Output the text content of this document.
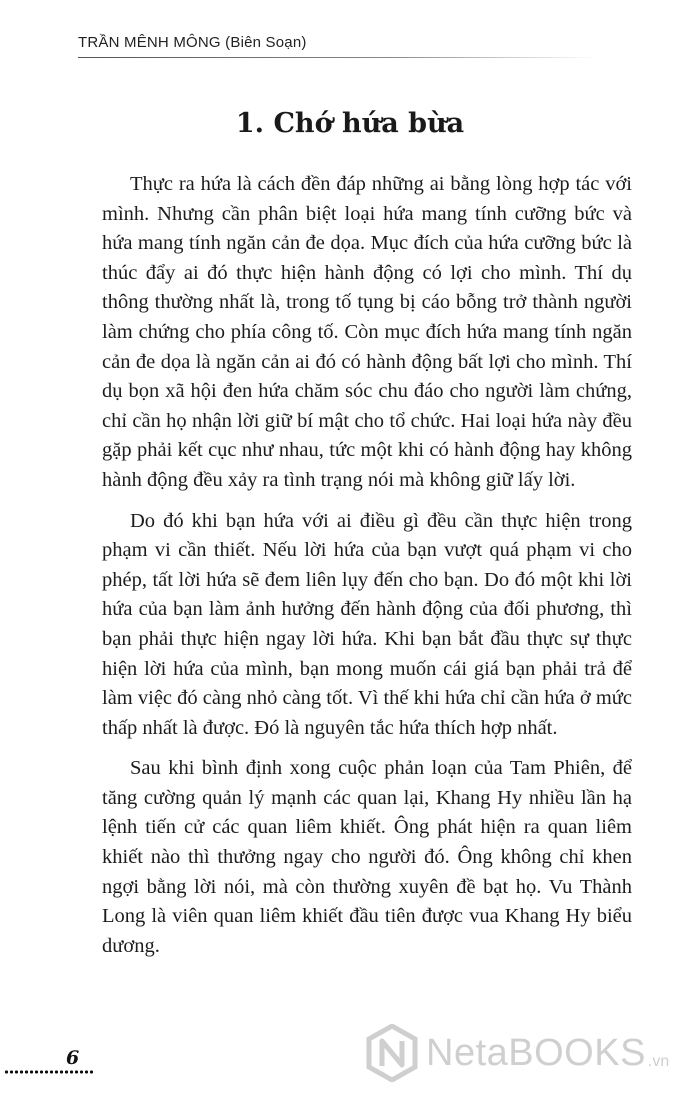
TRẦN MÊNH MÔNG (Biên Soạn)
1. Chớ hứa bừa

Thực ra hứa là cách đền đáp những ai bằng lòng hợp tác với mình. Nhưng cần phân biệt loại hứa mang tính cưỡng bức và hứa mang tính ngăn cản đe dọa. Mục đích của hứa cưỡng bức là thúc đẩy ai đó thực hiện hành động có lợi cho mình. Thí dụ thông thường nhất là, trong tố tụng bị cáo bỗng trở thành người làm chứng cho phía công tố. Còn mục đích hứa mang tính ngăn cản đe dọa là ngăn cản ai đó có hành động bất lợi cho mình. Thí dụ bọn xã hội đen hứa chăm sóc chu đáo cho người làm chứng, chỉ cần họ nhận lời giữ bí mật cho tổ chức. Hai loại hứa này đều gặp phải kết cục như nhau, tức một khi có hành động hay không hành động đều xảy ra tình trạng nói mà không giữ lấy lời.

Do đó khi bạn hứa với ai điều gì đều cần thực hiện trong phạm vi cần thiết. Nếu lời hứa của bạn vượt quá phạm vi cho phép, tất lời hứa sẽ đem liên lụy đến cho bạn. Do đó một khi lời hứa của bạn làm ảnh hưởng đến hành động của đối phương, thì bạn phải thực hiện ngay lời hứa. Khi bạn bắt đầu thực sự thực hiện lời hứa của mình, bạn mong muốn cái giá bạn phải trả để làm việc đó càng nhỏ càng tốt. Vì thế khi hứa chỉ cần hứa ở mức thấp nhất là được. Đó là nguyên tắc hứa thích hợp nhất.

Sau khi bình định xong cuộc phản loạn của Tam Phiên, để tăng cường quản lý mạnh các quan lại, Khang Hy nhiều lần hạ lệnh tiến cử các quan liêm khiết. Ông phát hiện ra quan liêm khiết nào thì thưởng ngay cho người đó. Ông không chỉ khen ngợi bằng lời nói, mà còn thường xuyên đề bạt họ. Vu Thành Long là viên quan liêm khiết đầu tiên được vua Khang Hy biểu dương.

6	NetaBOOKS .vn
